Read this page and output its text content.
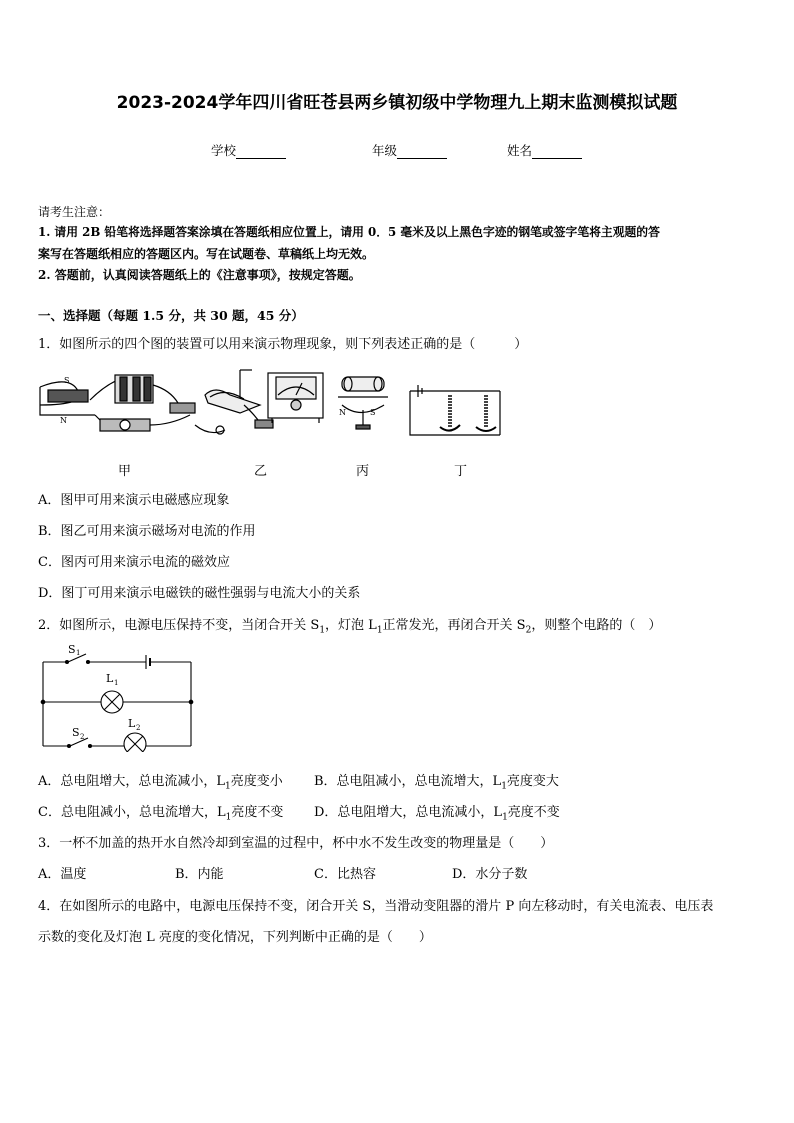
2023-2024学年四川省旺苍县两乡镇初级中学物理九上期末监测模拟试题
学校	年级	姓名
请考生注意：
1. 请用 2B 铅笔将选择题答案涂填在答题纸相应位置上，请用 0．5 毫米及以上黑色字迹的钢笔或签字笔将主观题的答
案写在答题纸相应的答题区内。写在试题卷、草稿纸上均无效。
2. 答题前，认真阅读答题纸上的《注意事项》，按规定答题。
一、选择题（每题 1.5 分，共 30 题，45 分）
1．如图所示的四个图的装置可以用来演示物理现象，则下列表述正确的是（　　　）
S
N
N	S
甲	乙	丙	丁
A．图甲可用来演示电磁感应现象
B．图乙可用来演示磁场对电流的作用
C．图丙可用来演示电流的磁效应
D．图丁可用来演示电磁铁的磁性强弱与电流大小的关系
2．如图所示，电源电压保持不变，当闭合开关 $S_1$，灯泡 $L_1$正常发光，再闭合开关 $S_2$，则整个电路的（　）
S 1
L 1
L 2
S 2
A．总电阻增大，总电流减小，$L_1$亮度变小 B．总电阻减小，总电流增大，$L_1$亮度变大
C．总电阻减小，总电流增大，$L_1$亮度不变 D．总电阻增大，总电流减小，$L_1$亮度不变
3．一杯不加盖的热开水自然冷却到室温的过程中，杯中水不发生改变的物理量是（　　）
A．温度	B．内能	C．比热容	D．水分子数
4．在如图所示的电路中，电源电压保持不变，闭合开关 S，当滑动变阻器的滑片 P 向左移动时，有关电流表、电压表
示数的变化及灯泡 L 亮度的变化情况，下列判断中正确的是（　　）
